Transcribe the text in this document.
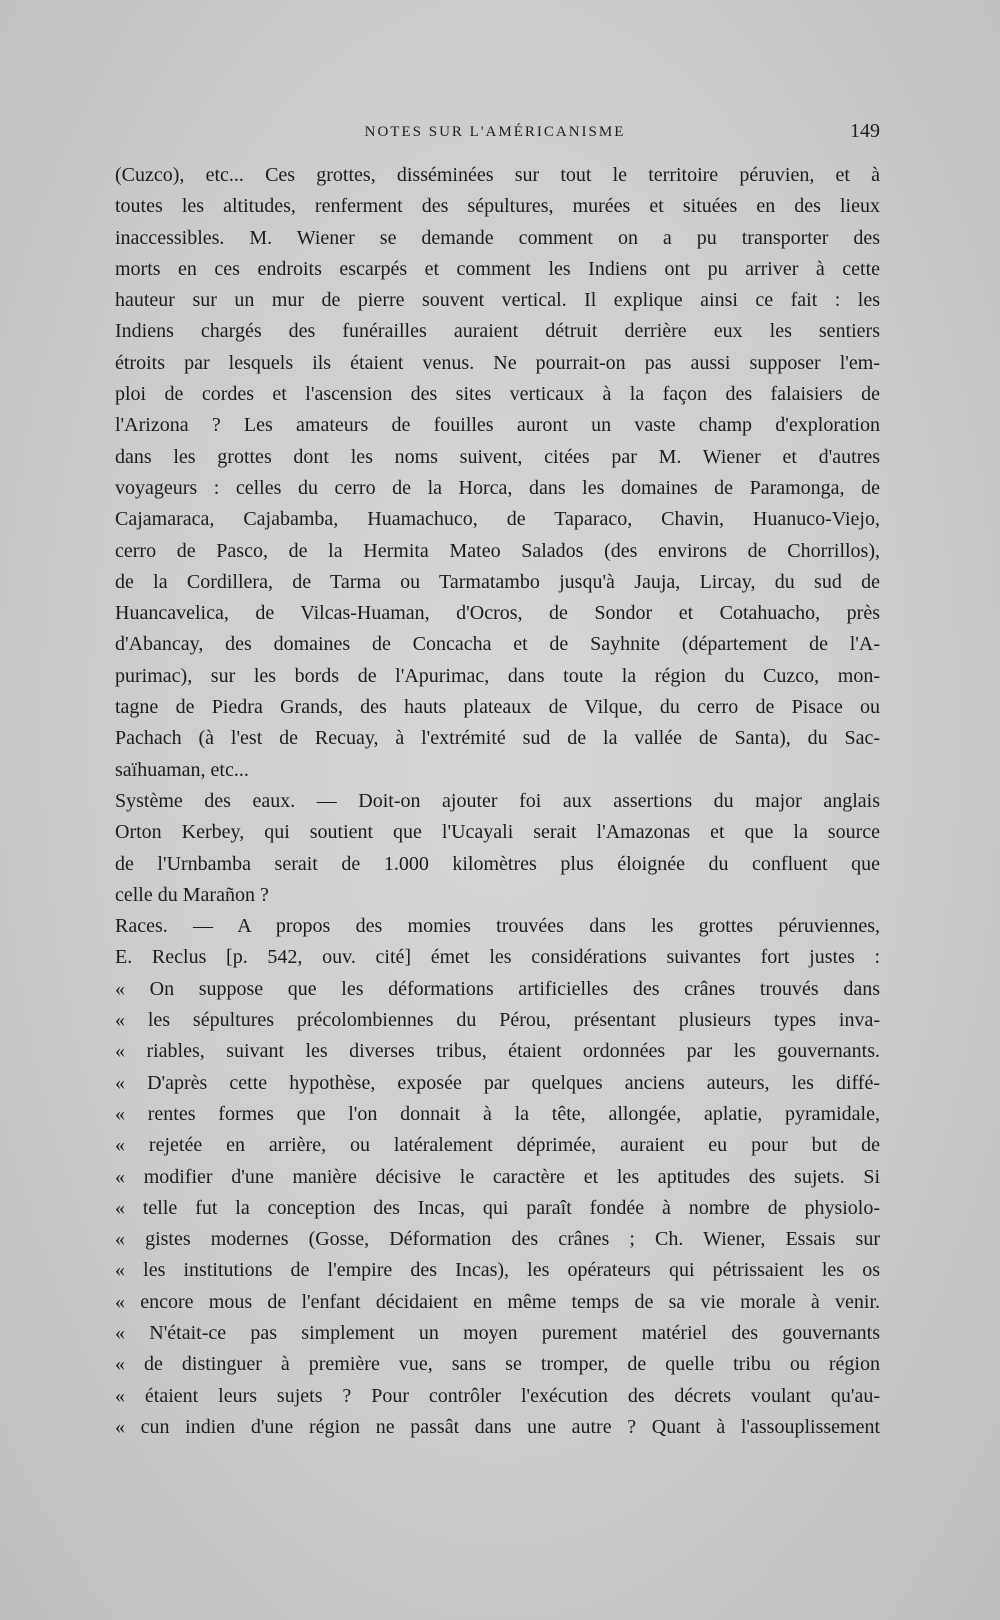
NOTES SUR L'AMÉRICANISME	149
(Cuzco), etc... Ces grottes, disséminées sur tout le territoire péruvien, et à
toutes les altitudes, renferment des sépultures, murées et situées en des lieux
inaccessibles. M. Wiener se demande comment on a pu transporter des
morts en ces endroits escarpés et comment les Indiens ont pu arriver à cette
hauteur sur un mur de pierre souvent vertical. Il explique ainsi ce fait : les
Indiens chargés des funérailles auraient détruit derrière eux les sentiers
étroits par lesquels ils étaient venus. Ne pourrait-on pas aussi supposer l'em-
ploi de cordes et l'ascension des sites verticaux à la façon des falaisiers de
l'Arizona ? Les amateurs de fouilles auront un vaste champ d'exploration
dans les grottes dont les noms suivent, citées par M. Wiener et d'autres
voyageurs : celles du cerro de la Horca, dans les domaines de Paramonga, de
Cajamaraca, Cajabamba, Huamachuco, de Taparaco, Chavin, Huanuco-Viejo,
cerro de Pasco, de la Hermita Mateo Salados (des environs de Chorrillos),
de la Cordillera, de Tarma ou Tarmatambo jusqu'à Jauja, Lircay, du sud de
Huancavelica, de Vilcas-Huaman, d'Ocros, de Sondor et Cotahuacho, près
d'Abancay, des domaines de Concacha et de Sayhnite (département de l'A-
purimac), sur les bords de l'Apurimac, dans toute la région du Cuzco, mon-
tagne de Piedra Grands, des hauts plateaux de Vilque, du cerro de Pisace ou
Pachach (à l'est de Recuay, à l'extrémité sud de la vallée de Santa), du Sac-
saïhuaman, etc...
Système des eaux. — Doit-on ajouter foi aux assertions du major anglais
Orton Kerbey, qui soutient que l'Ucayali serait l'Amazonas et que la source
de l'Urnbamba serait de 1.000 kilomètres plus éloignée du confluent que
celle du Marañon ?
Races. — A propos des momies trouvées dans les grottes péruviennes,
E. Reclus [p. 542, ouv. cité] émet les considérations suivantes fort justes :
« On suppose que les déformations artificielles des crânes trouvés dans
« les sépultures précolombiennes du Pérou, présentant plusieurs types inva-
« riables, suivant les diverses tribus, étaient ordonnées par les gouvernants.
« D'après cette hypothèse, exposée par quelques anciens auteurs, les diffé-
« rentes formes que l'on donnait à la tête, allongée, aplatie, pyramidale,
« rejetée en arrière, ou latéralement déprimée, auraient eu pour but de
« modifier d'une manière décisive le caractère et les aptitudes des sujets. Si
« telle fut la conception des Incas, qui paraît fondée à nombre de physiolo-
« gistes modernes (Gosse, Déformation des crânes ; Ch. Wiener, Essais sur
« les institutions de l'empire des Incas), les opérateurs qui pétrissaient les os
« encore mous de l'enfant décidaient en même temps de sa vie morale à venir.
« N'était-ce pas simplement un moyen purement matériel des gouvernants
« de distinguer à première vue, sans se tromper, de quelle tribu ou région
« étaient leurs sujets ? Pour contrôler l'exécution des décrets voulant qu'au-
« cun indien d'une région ne passât dans une autre ? Quant à l'assouplissement
